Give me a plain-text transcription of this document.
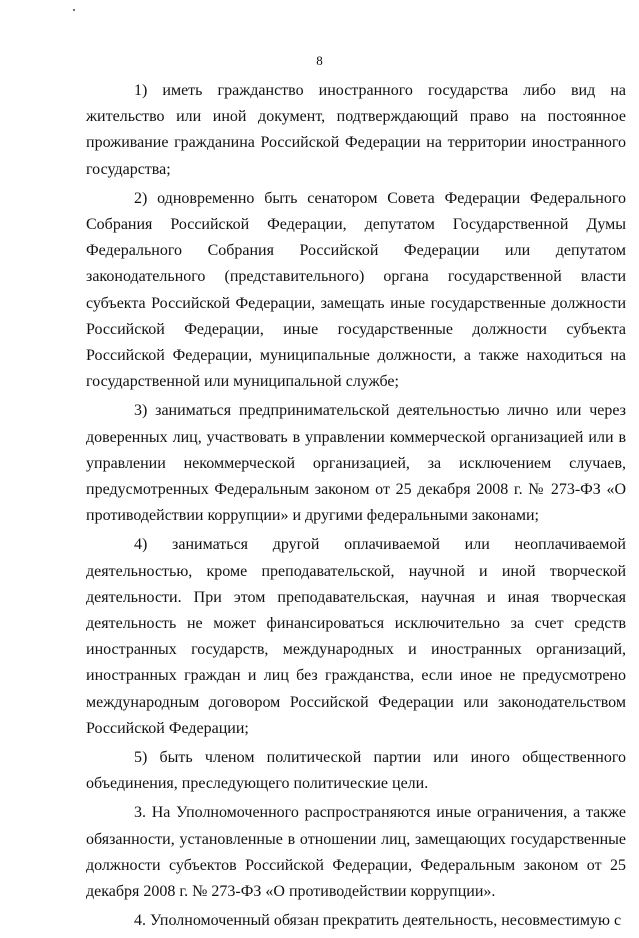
8

1) иметь гражданство иностранного государства либо вид на жительство или иной документ, подтверждающий право на постоянное проживание гражданина Российской Федерации на территории иностранного государства;

2) одновременно быть сенатором Совета Федерации Федерального Собрания Российской Федерации, депутатом Государственной Думы Федерального Собрания Российской Федерации или депутатом законодательного (представительного) органа государственной власти субъекта Российской Федерации, замещать иные государственные должности Российской Федерации, иные государственные должности субъекта Российской Федерации, муниципальные должности, а также находиться на государственной или муниципальной службе;

3) заниматься предпринимательской деятельностью лично или через доверенных лиц, участвовать в управлении коммерческой организацией или в управлении некоммерческой организацией, за исключением случаев, предусмотренных Федеральным законом от 25 декабря 2008 г. № 273-ФЗ «О противодействии коррупции» и другими федеральными законами;

4) заниматься другой оплачиваемой или неоплачиваемой деятельностью, кроме преподавательской, научной и иной творческой деятельности. При этом преподавательская, научная и иная творческая деятельность не может финансироваться исключительно за счет средств иностранных государств, международных и иностранных организаций, иностранных граждан и лиц без гражданства, если иное не предусмотрено международным договором Российской Федерации или законодательством Российской Федерации;

5) быть членом политической партии или иного общественного объединения, преследующего политические цели.

3. На Уполномоченного распространяются иные ограничения, а также обязанности, установленные в отношении лиц, замещающих государственные должности субъектов Российской Федерации, Федеральным законом от 25 декабря 2008 г. № 273-ФЗ «О противодействии коррупции».

4. Уполномоченный обязан прекратить деятельность, несовместимую с
